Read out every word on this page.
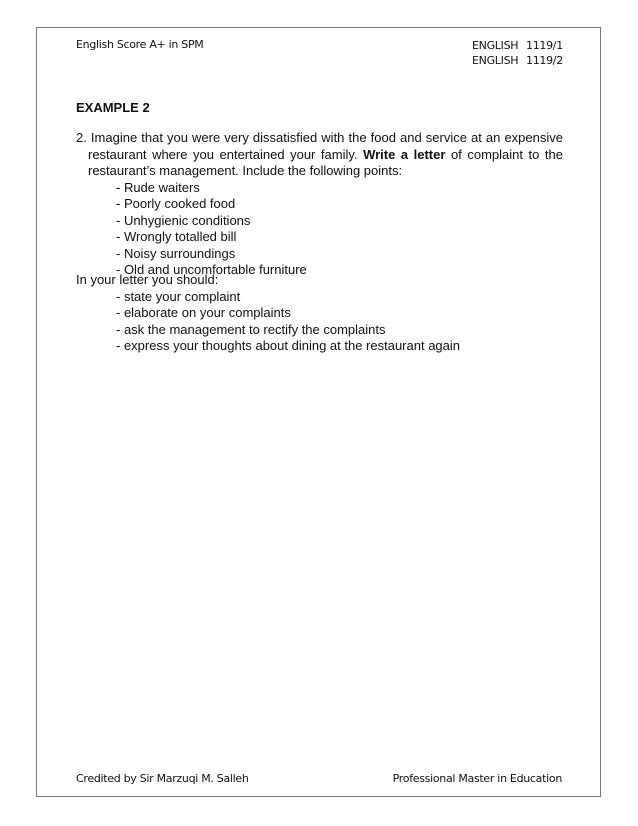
English Score A+ in SPM	ENGLISH 1119/1
ENGLISH 1119/2
EXAMPLE 2

2. Imagine that you were very dissatisfied with the food and service at an expensive restaurant where you entertained your family. Write a letter of complaint to the restaurant’s management. Include the following points:

- Rude waiters
- Poorly cooked food
- Unhygienic conditions
- Wrongly totalled bill
- Noisy surroundings
- Old and uncomfortable furniture

In your letter you should:

- state your complaint
- elaborate on your complaints
- ask the management to rectify the complaints
- express your thoughts about dining at the restaurant again
Credited by Sir Marzuqi M. Salleh	Professional Master in Education
